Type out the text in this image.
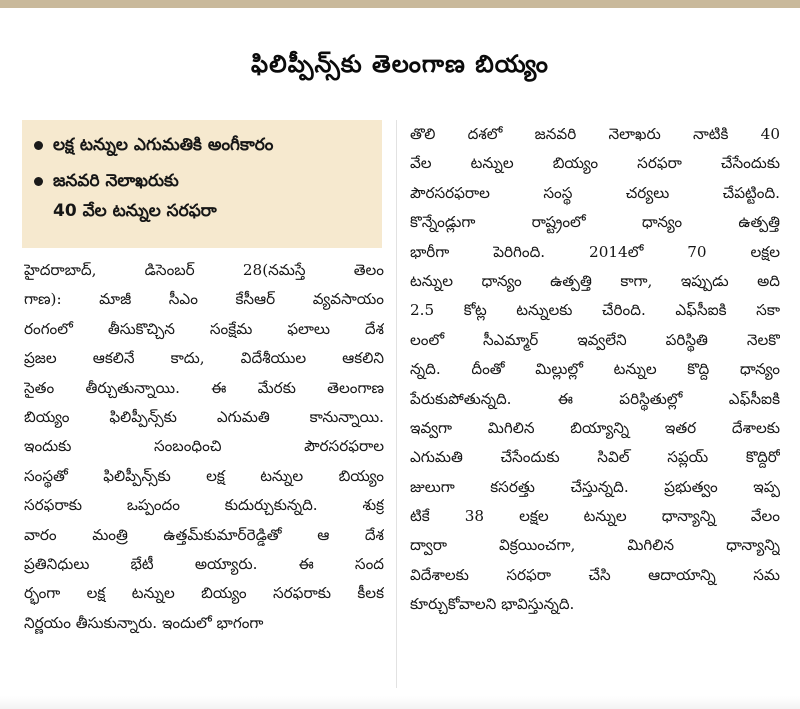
ఫిలిప్పీన్స్‌కు తెలంగాణ బియ్యం
లక్ష టన్నుల ఎగుమతికి అంగీకారం
జనవరి నెలాఖరుకు
40 వేల టన్నుల సరఫరా
హైదరాబాద్, డిసెంబర్ 28(నమస్తే తెలం
గాణ): మాజీ సీఎం కేసీఆర్ వ్యవసాయం
రంగంలో తీసుకొచ్చిన సంక్షేమ ఫలాలు దేశ
ప్రజల ఆకలినే కాదు, విదేశీయుల ఆకలిని
సైతం తీర్చుతున్నాయి. ఈ మేరకు తెలంగాణ
బియ్యం ఫిలిప్పీన్స్‌కు ఎగుమతి కానున్నాయి.
ఇందుకు సంబంధించి పౌరసరఫరాల
సంస్థతో ఫిలిప్పీన్స్‌కు లక్ష టన్నుల బియ్యం
సరఫరాకు ఒప్పందం కుదుర్చుకున్నది. శుక్ర
వారం మంత్రి ఉత్తమ్‌కుమార్‌రెడ్డితో ఆ దేశ
ప్రతినిధులు భేటీ అయ్యారు. ఈ సంద
ర్భంగా లక్ష టన్నుల బియ్యం సరఫరాకు కీలక
నిర్ణయం తీసుకున్నారు. ఇందులో భాగంగా
తొలి దశలో జనవరి నెలాఖరు నాటికి 40
వేల టన్నుల బియ్యం సరఫరా చేసేందుకు
పౌరసరఫరాల సంస్థ చర్యలు చేపట్టింది.
కొన్నేండ్లుగా రాష్ట్రంలో ధాన్యం ఉత్పత్తి
భారీగా పెరిగింది. 2014లో 70 లక్షల
టన్నుల ధాన్యం ఉత్పత్తి కాగా, ఇప్పుడు అది
2.5 కోట్ల టన్నులకు చేరింది. ఎఫ్‌సీఐకి సకా
లంలో సీఎమ్మార్ ఇవ్వలేని పరిస్థితి నెలకొ
న్నది. దీంతో మిల్లుల్లో టన్నుల కొద్ది ధాన్యం
పేరుకుపోతున్నది. ఈ పరిస్థితుల్లో ఎఫ్‌సీఐకి
ఇవ్వగా మిగిలిన బియ్యాన్ని ఇతర దేశాలకు
ఎగుమతి చేసేందుకు సివిల్ సప్లయ్ కొద్దిరో
జులుగా కసరత్తు చేస్తున్నది. ప్రభుత్వం ఇప్ప
టికే 38 లక్షల టన్నుల ధాన్యాన్ని వేలం
ద్వారా విక్రయించగా, మిగిలిన ధాన్యాన్ని
విదేశాలకు సరఫరా చేసి ఆదాయాన్ని సమ
కూర్చుకోవాలని భావిస్తున్నది.
